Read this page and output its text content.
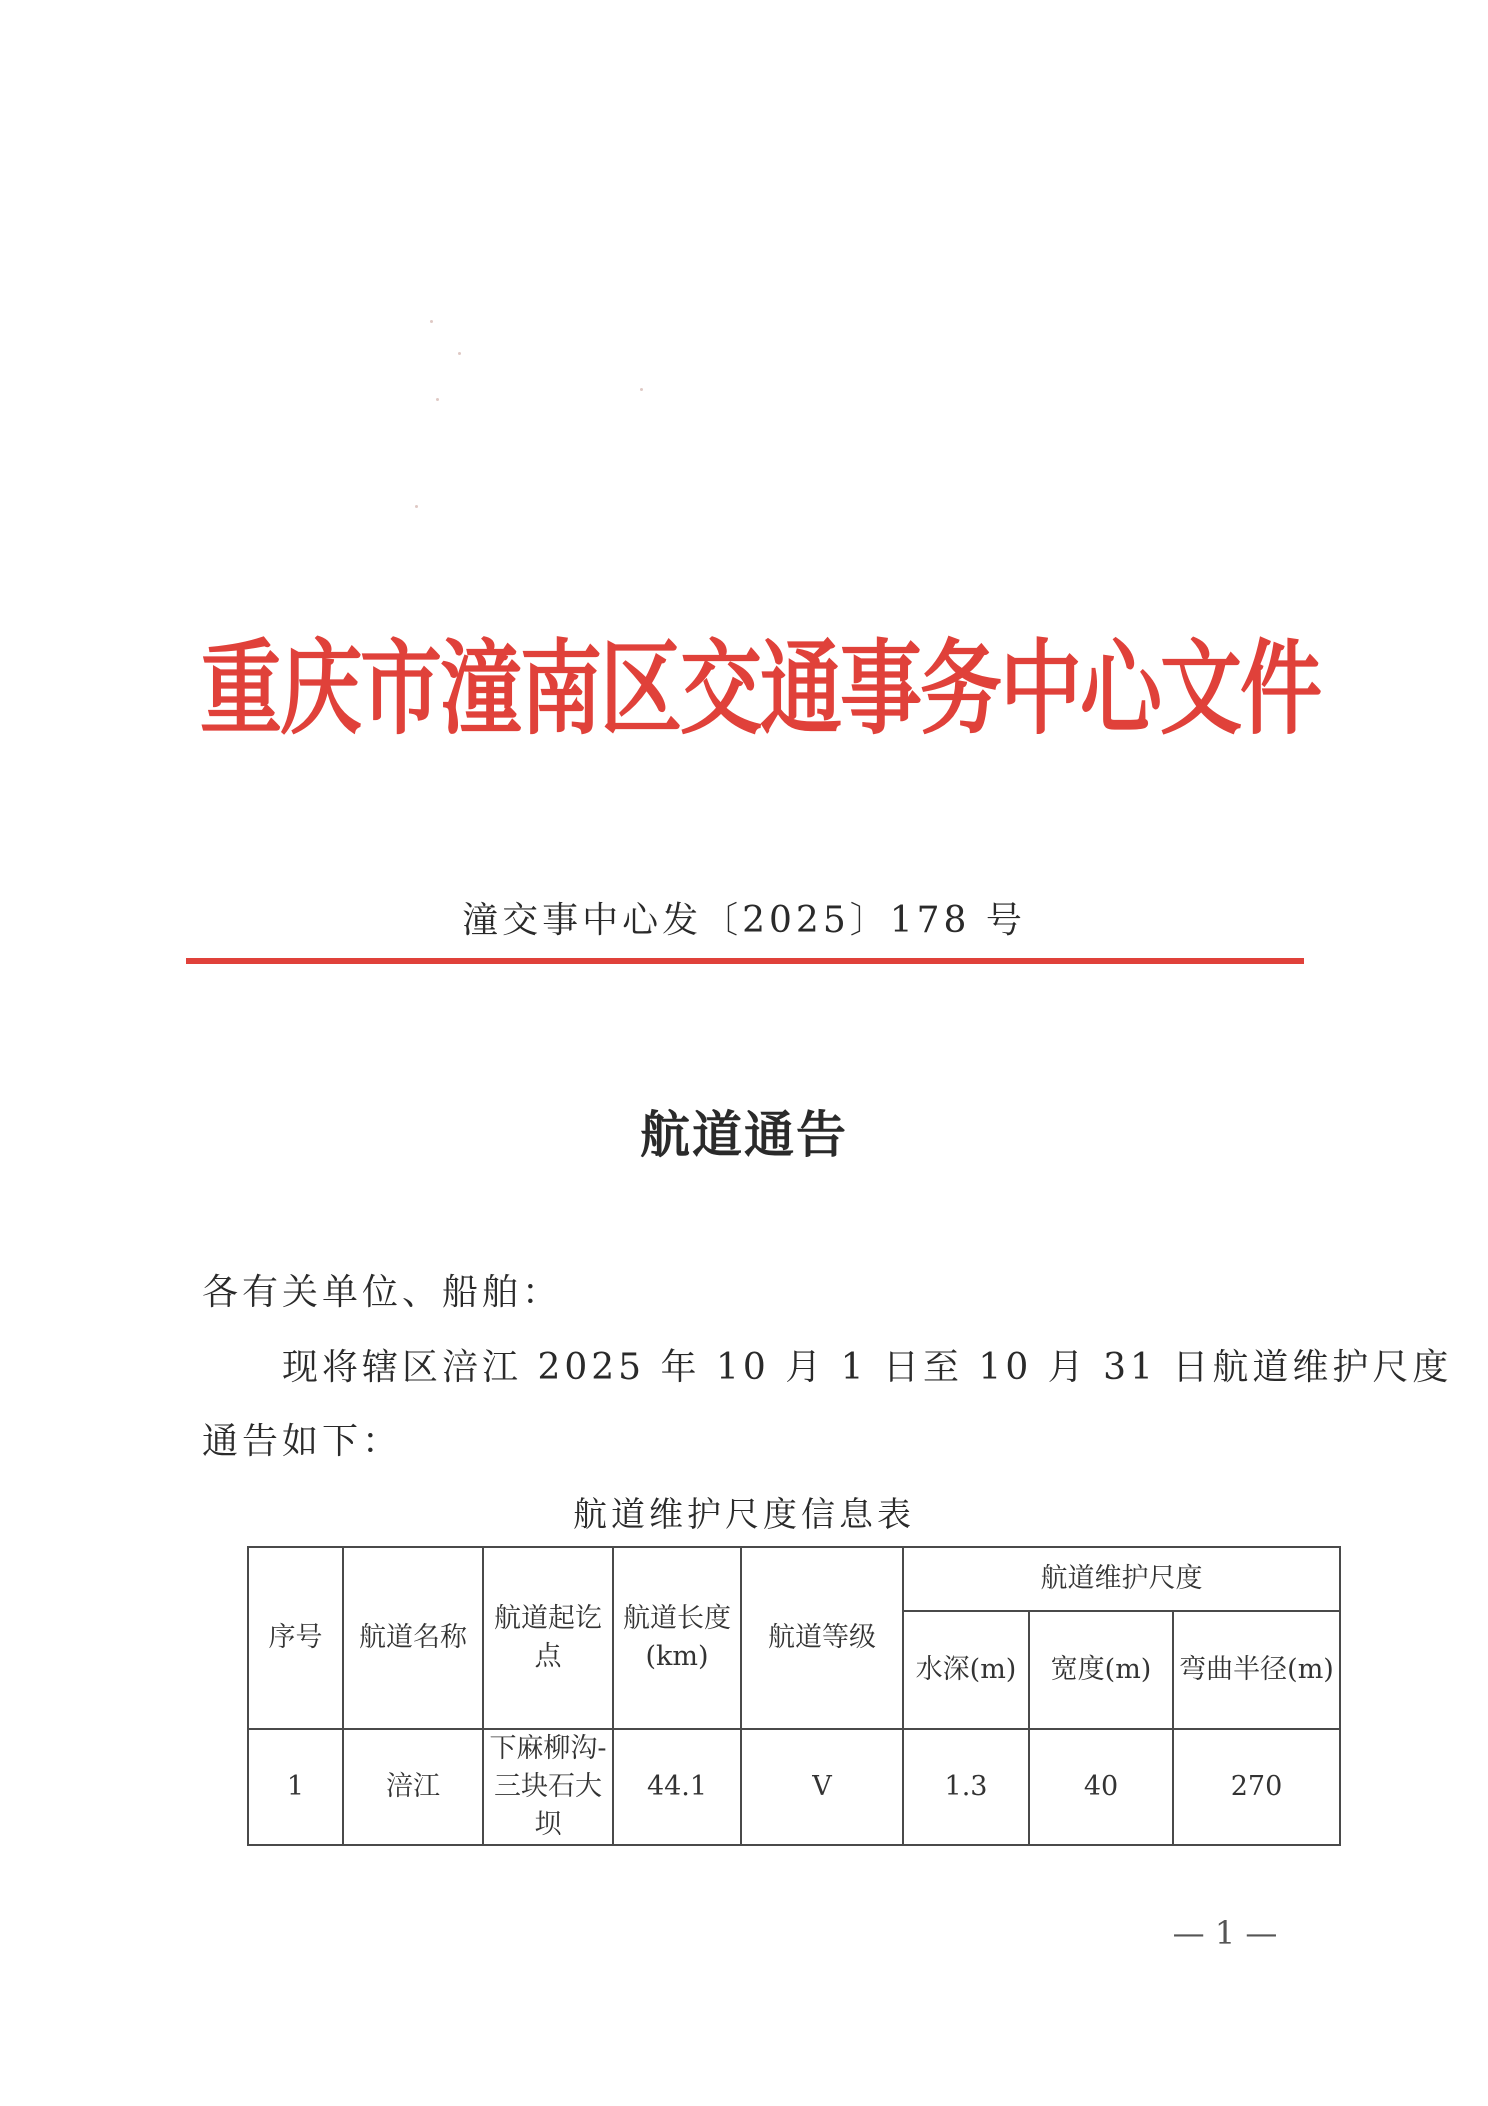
重庆市潼南区交通事务中心文件
潼交事中心发〔2025〕178 号
航道通告
各有关单位、船舶：
现将辖区涪江 2025 年 10 月 1 日至 10 月 31 日航道维护尺度
通告如下：
航道维护尺度信息表
序号	航道名称	航道起讫点	航道长度(km)	航道等级	航道维护尺度		
					水深(m)	宽度(m)	弯曲半径(m)
1	涪江	下麻柳沟-三块石大坝	44.1	V	1.3	40	270
— 1 —
